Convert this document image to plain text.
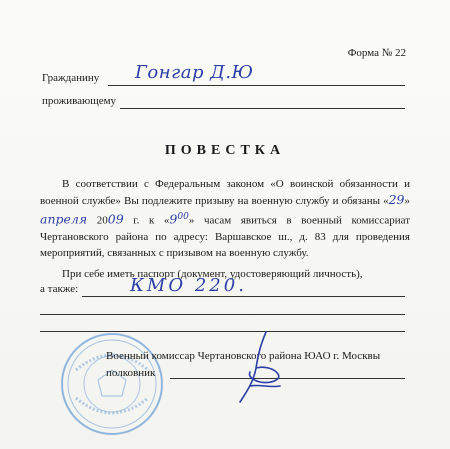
Форма № 22
Гражданину Гонгар Д.Ю
проживающему
ПОВЕСТКА
В соответствии с Федеральным законом «О воинской обязанности и военной службе» Вы подлежите призыву на военную службу и обязаны «29» апреля 2009 г. к «$9^{00}$» часам явиться в военный комиссариат Чертановского района по адресу: Варшавское ш., д. 83 для проведения мероприятий, связанных с призывом на военную службу.
При себе иметь паспорт (документ, удостоверяющий личность),
а также:	КМО 220.
Военный комиссар Чертановского района ЮАО г. Москвы
полковник
